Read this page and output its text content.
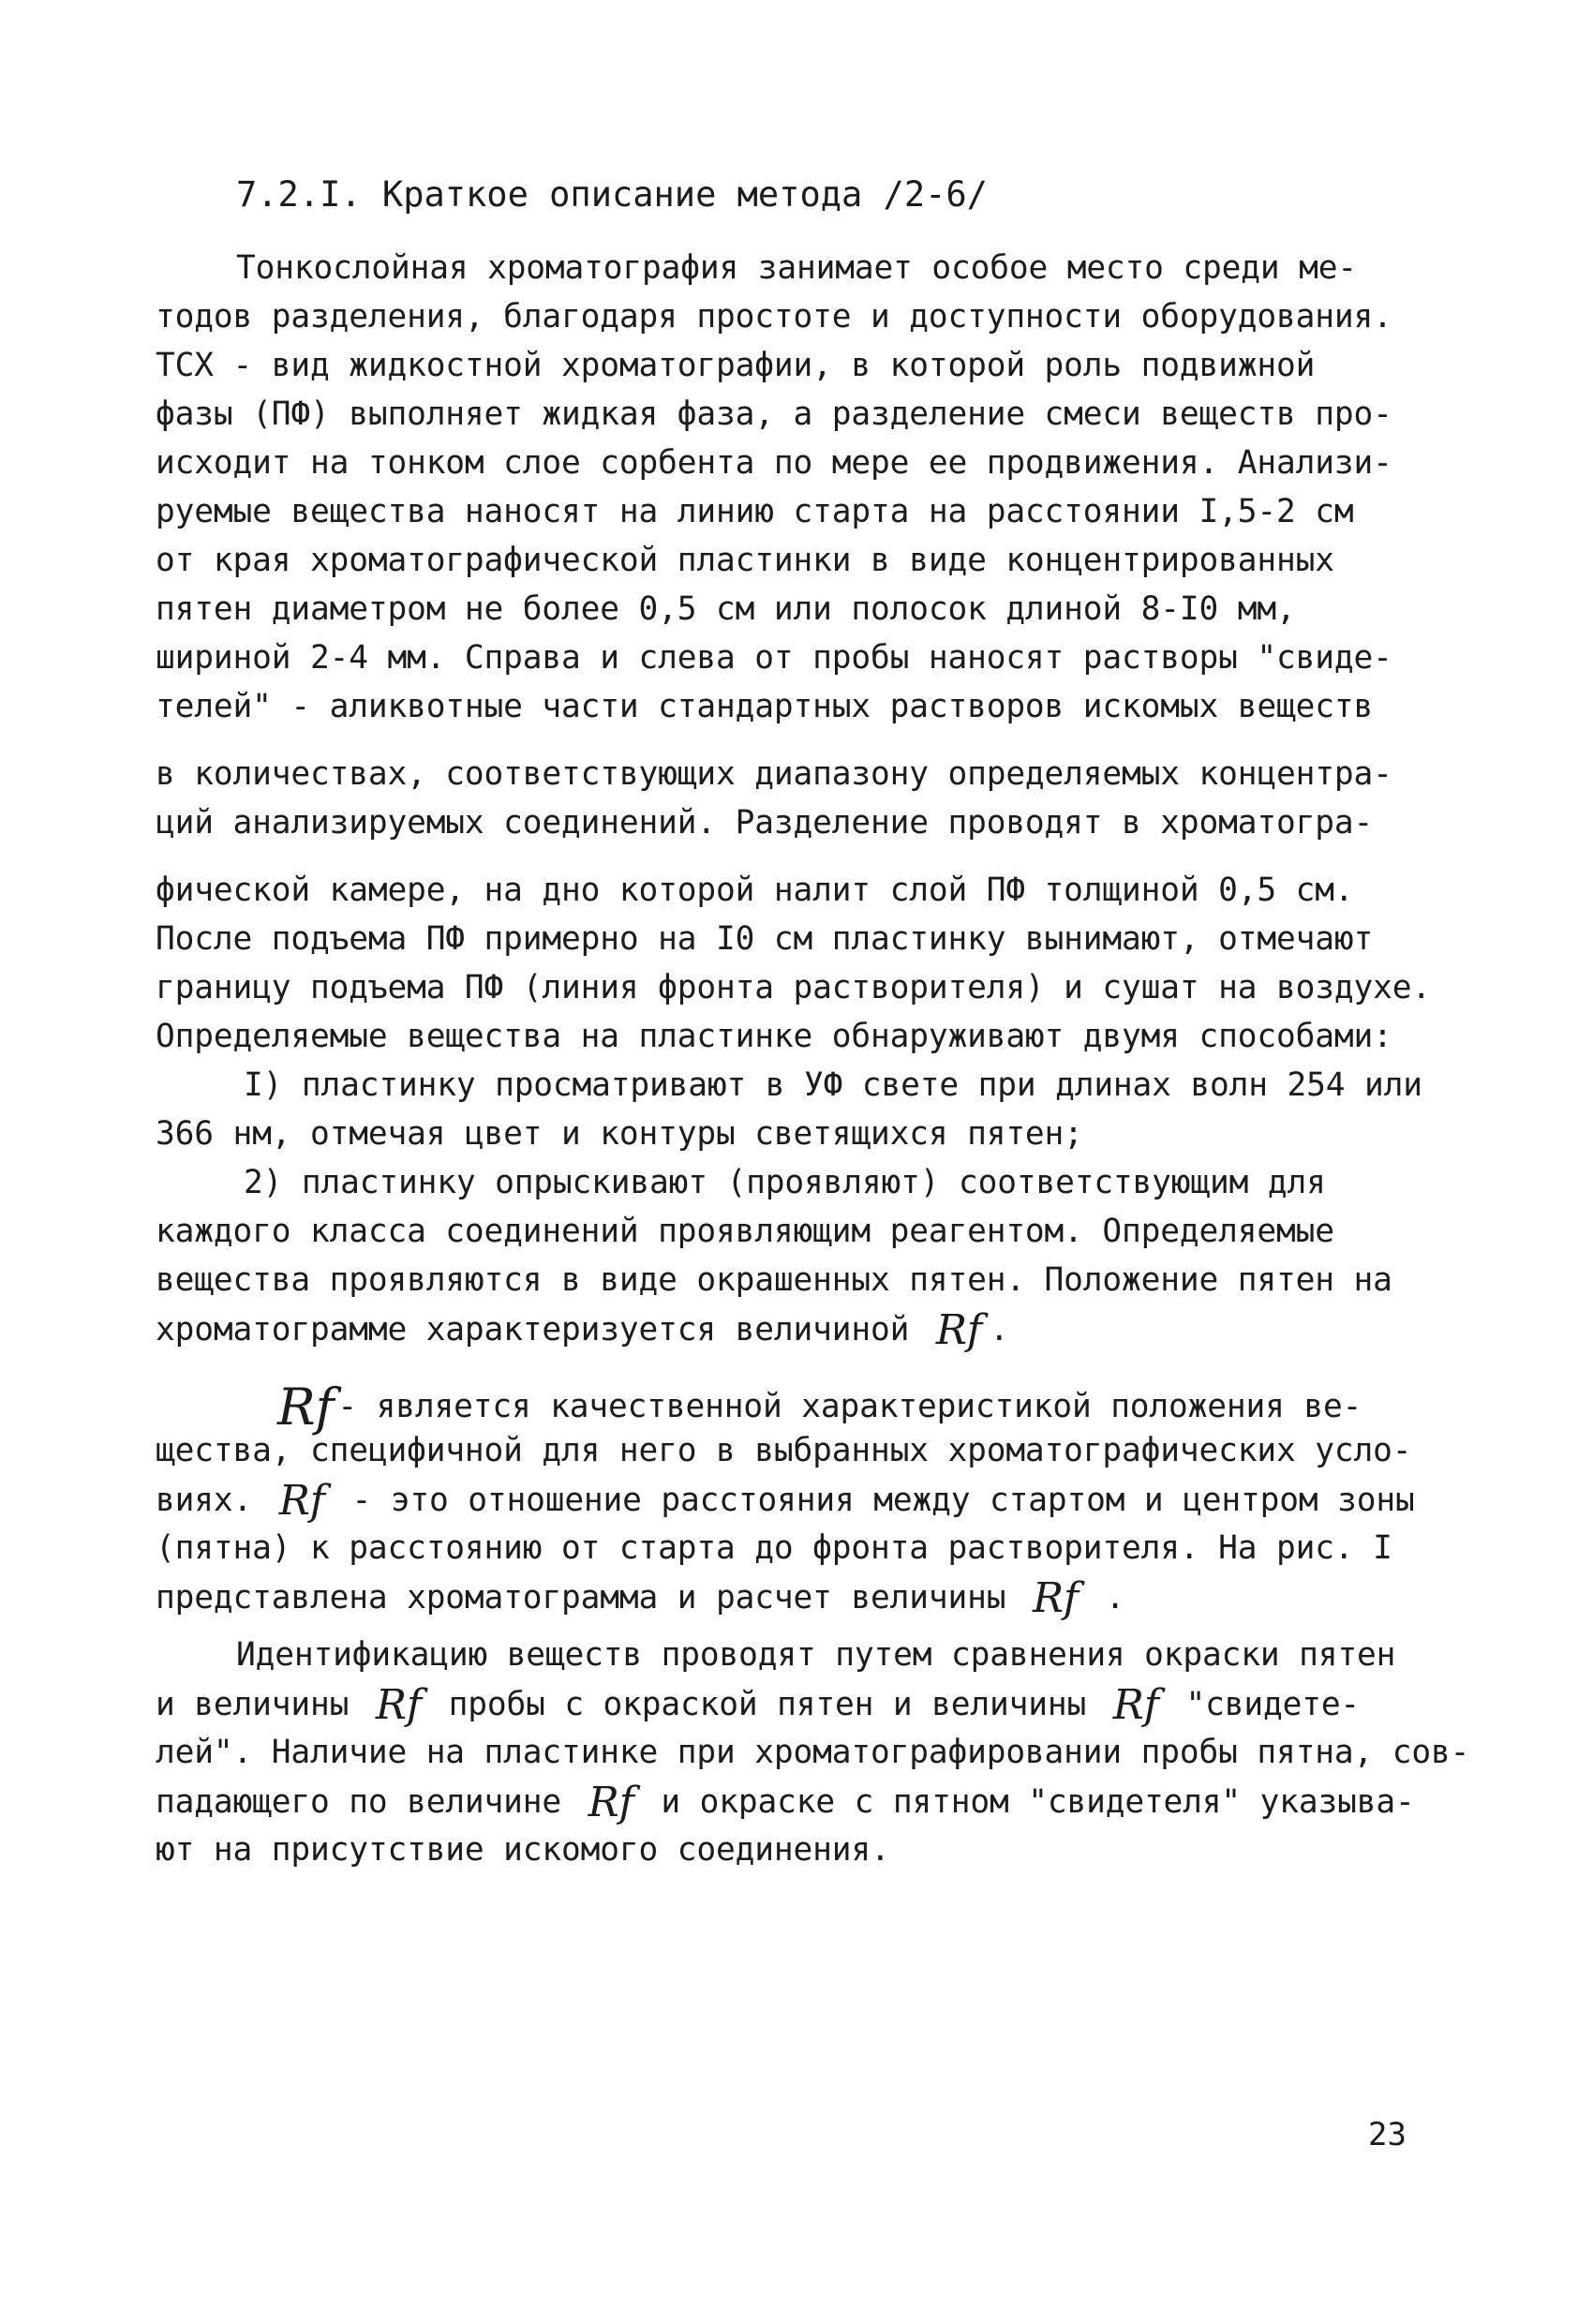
7.2.I. Краткое описание метода /2-6/
Тонкослойная хроматография занимает особое место среди ме-
тодов разделения, благодаря простоте и доступности оборудования.
ТСХ - вид жидкостной хроматографии, в которой роль подвижной
фазы (ПФ) выполняет жидкая фаза, а разделение смеси веществ про-
исходит на тонком слое сорбента по мере ее продвижения. Анализи-
руемые вещества наносят на линию старта на расстоянии I,5-2 см
от края хроматографической пластинки в виде концентрированных
пятен диаметром не более 0,5 см или полосок длиной 8-I0 мм,
шириной 2-4 мм. Справа и слева от пробы наносят растворы "свиде-
телей" - аликвотные части стандартных растворов искомых веществ
в количествах, соответствующих диапазону определяемых концентра-
ций анализируемых соединений. Разделение проводят в хроматогра-
фической камере, на дно которой налит слой ПФ толщиной 0,5 см.
После подъема ПФ примерно на I0 см пластинку вынимают, отмечают
границу подъема ПФ (линия фронта растворителя) и сушат на воздухе.
Определяемые вещества на пластинке обнаруживают двумя способами:
I) пластинку просматривают в УФ свете при длинах волн 254 или
366 нм, отмечая цвет и контуры светящихся пятен;
2) пластинку опрыскивают (проявляют) соответствующим для
каждого класса соединений проявляющим реагентом. Определяемые
вещества проявляются в виде окрашенных пятен. Положение пятен на
хроматограмме характеризуется величиной Rf .
Rf - является качественной характеристикой положения ве-
щества, специфичной для него в выбранных хроматографических усло-
виях. Rf - это отношение расстояния между стартом и центром зоны
(пятна) к расстоянию от старта до фронта растворителя. На рис. I
представлена хроматограмма и расчет величины Rf .
Идентификацию веществ проводят путем сравнения окраски пятен
и величины Rf пробы с окраской пятен и величины Rf "свидете-
лей". Наличие на пластинке при хроматографировании пробы пятна, сов-
падающего по величине Rf и окраске с пятном "свидетеля" указыва-
ют на присутствие искомого соединения.
23
